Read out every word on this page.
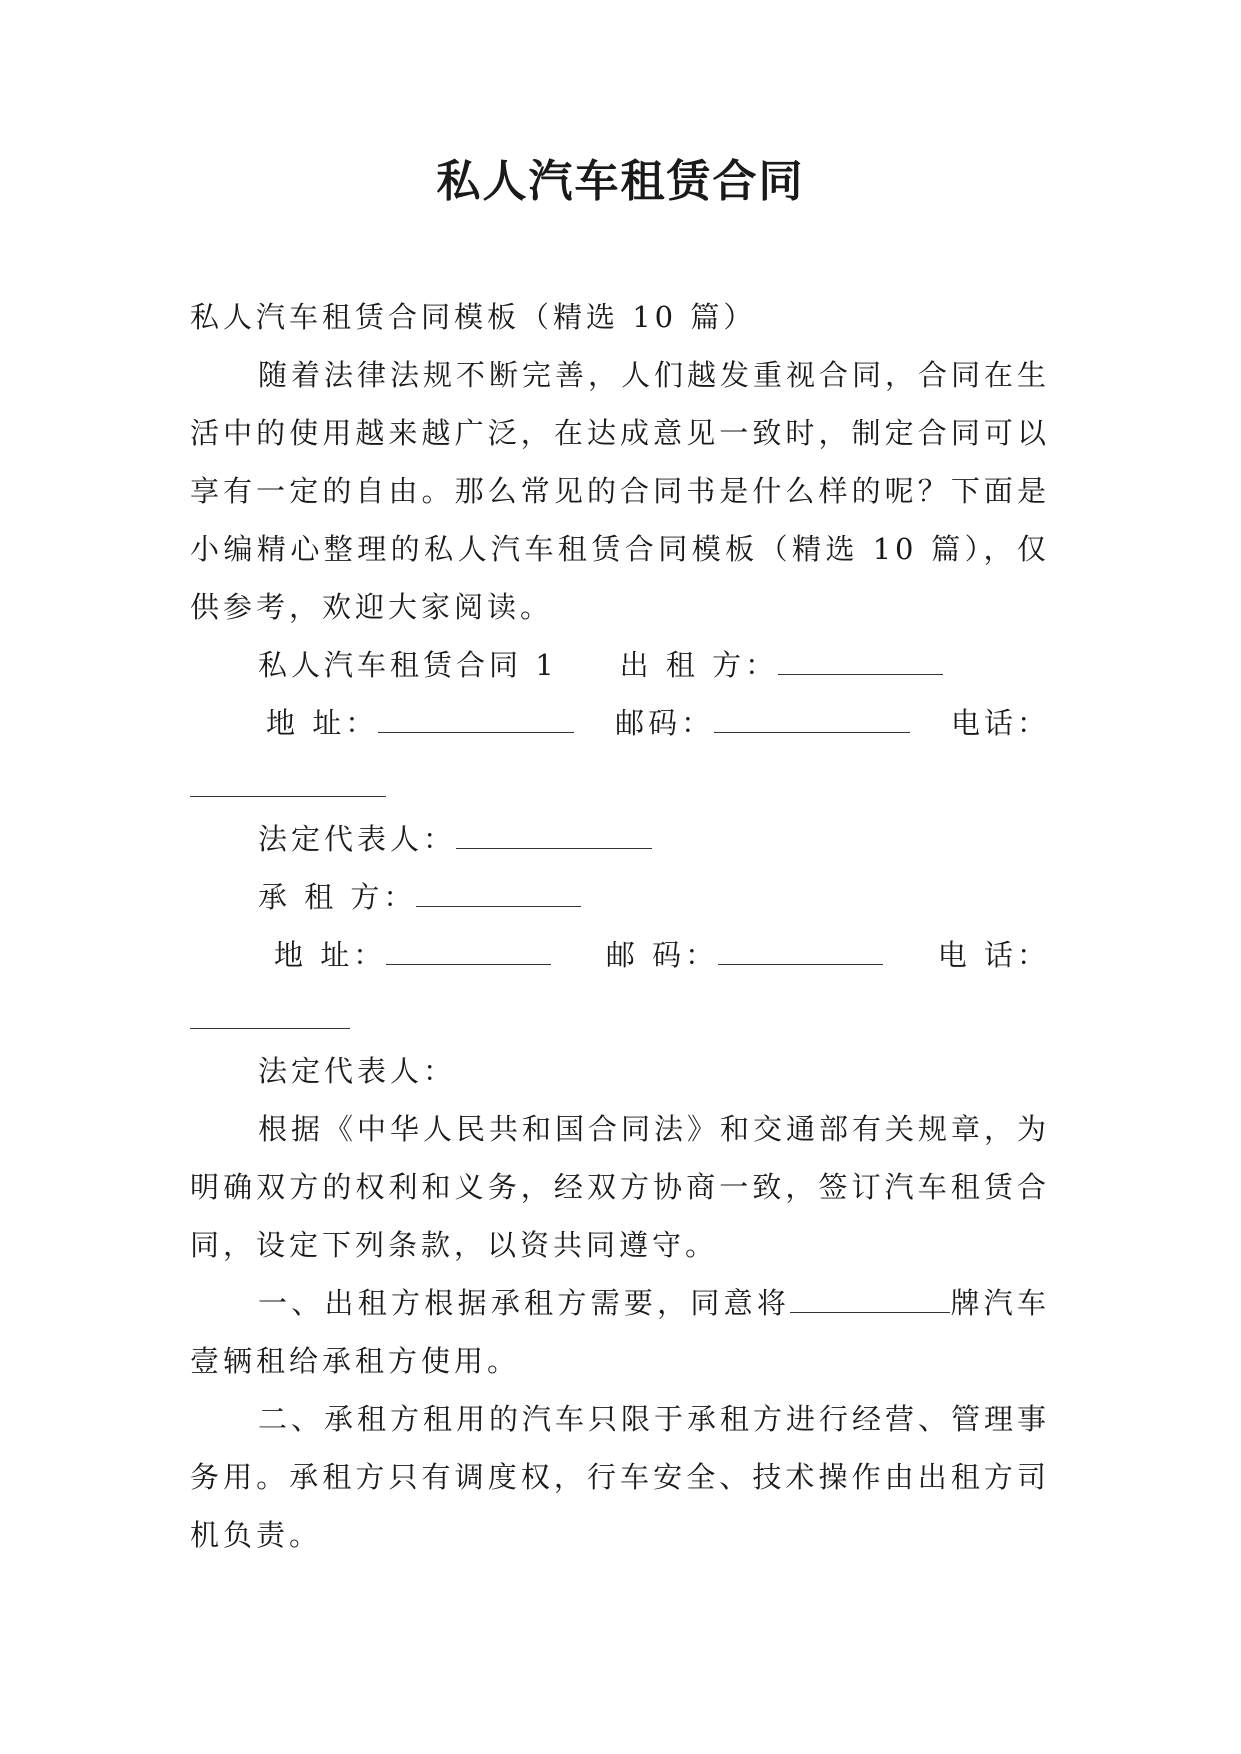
私人汽车租赁合同

私人汽车租赁合同模板（精选 10 篇）

随着法律法规不断完善，人们越发重视合同，合同在生活中的使用越来越广泛，在达成意见一致时，制定合同可以享有一定的自由。那么常见的合同书是什么样的呢？下面是小编精心整理的私人汽车租赁合同模板（精选 10 篇），仅供参考，欢迎大家阅读。

私人汽车租赁合同 1 出 租 方：
地 址：	邮码：	电话：
法定代表人：
承 租 方：
地 址：	邮 码：	电 话：
法定代表人：

根据《中华人民共和国合同法》和交通部有关规章，为明确双方的权利和义务，经双方协商一致，签订汽车租赁合同，设定下列条款，以资共同遵守。

一、出租方根据承租方需要，同意将	牌汽车壹辆租给承租方使用。

二、承租方租用的汽车只限于承租方进行经营、管理事务用。承租方只有调度权，行车安全、技术操作由出租方司机负责。
